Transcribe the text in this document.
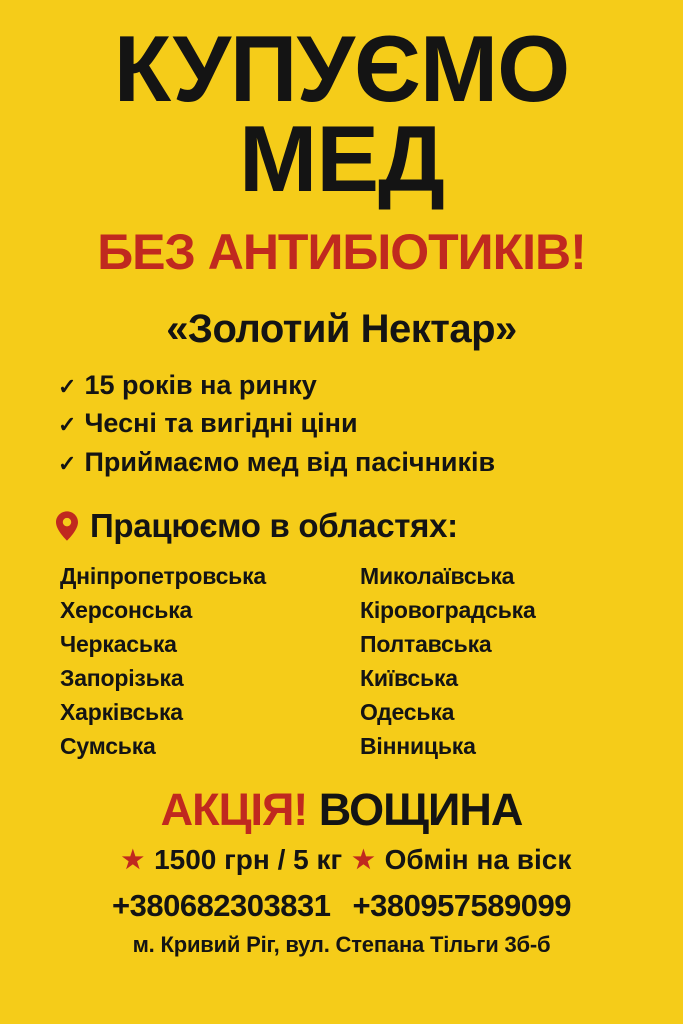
КУПУЄМО
МЕД
БЕЗ АНТИБІОТИКІВ!
«Золотий Нектар»
✓ 15 років на ринку
✓ Чесні та вигідні ціни
✓ Приймаємо мед від пасічників
Працюємо в областях:
Дніпропетровська
Херсонська
Черкаська
Запорізька
Харківська
Сумська
Миколаївська
Кіровоградська
Полтавська
Київська
Одеська
Вінницька
АКЦІЯ! ВОЩИНА
★ 1500 грн / 5 кг ★ Обмін на віск
+380682303831 +380957589099
м. Кривий Ріг, вул. Степана Тільги 3б-б
